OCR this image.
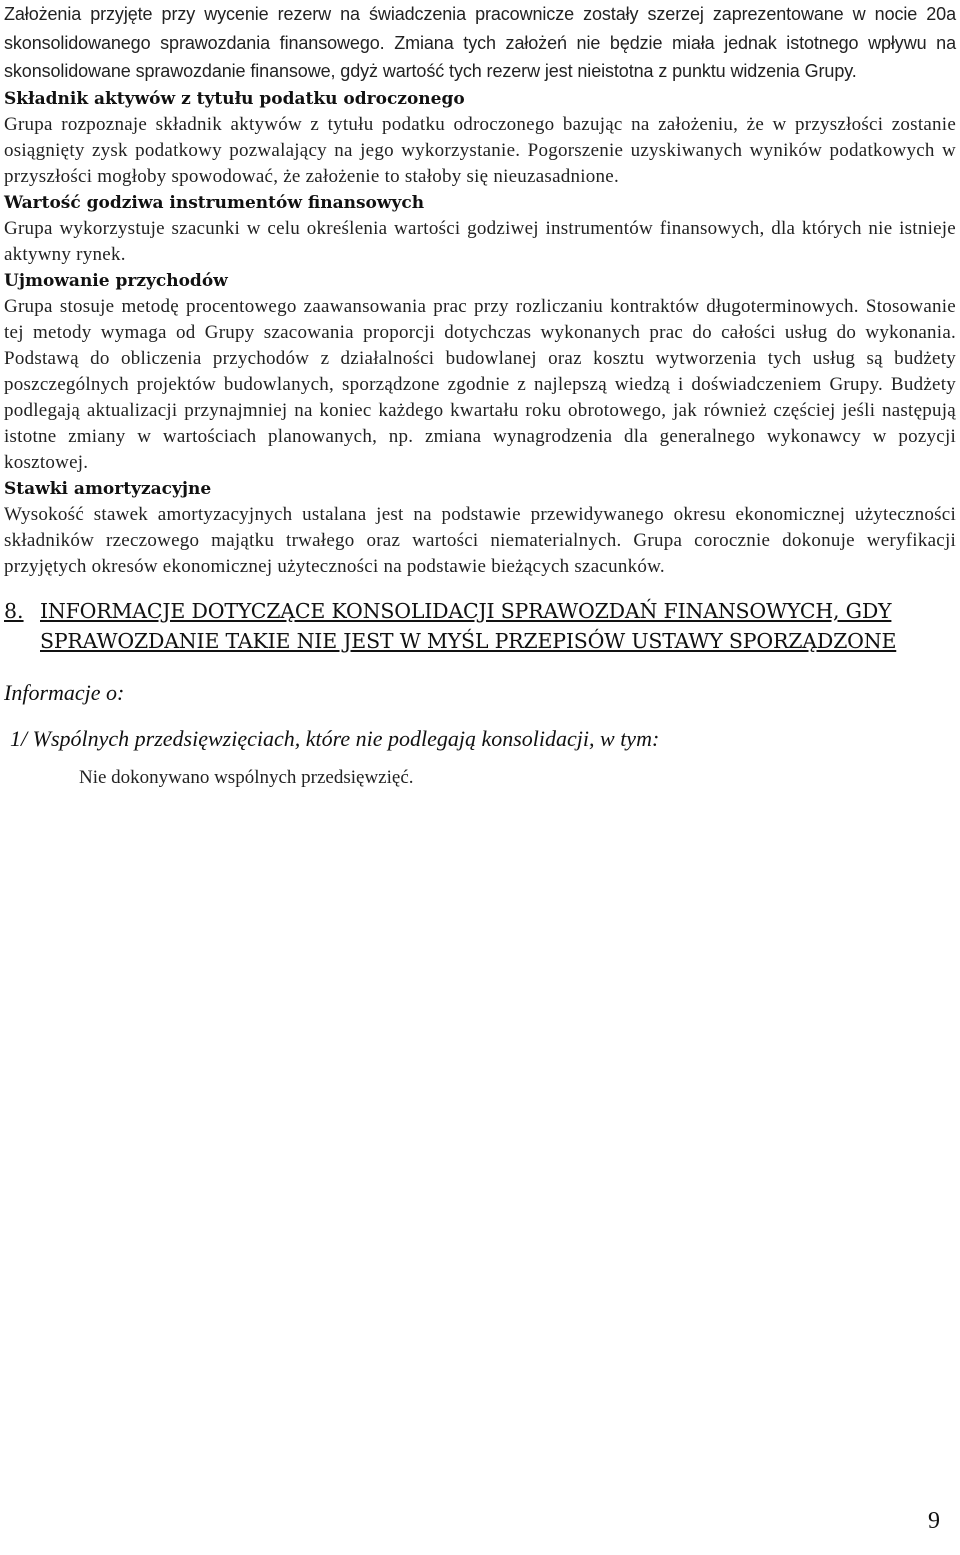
Założenia przyjęte przy wycenie rezerw na świadczenia pracownicze zostały szerzej zaprezentowane w nocie 20a skonsolidowanego sprawozdania finansowego. Zmiana tych założeń nie będzie miała jednak istotnego wpływu na skonsolidowane sprawozdanie finansowe, gdyż wartość tych rezerw jest nieistotna z punktu widzenia Grupy.

Składnik aktywów z tytułu podatku odroczonego

Grupa rozpoznaje składnik aktywów z tytułu podatku odroczonego bazując na założeniu, że w przyszłości zostanie osiągnięty zysk podatkowy pozwalający na jego wykorzystanie. Pogorszenie uzyskiwanych wyników podatkowych w przyszłości mogłoby spowodować, że założenie to stałoby się nieuzasadnione.

Wartość godziwa instrumentów finansowych

Grupa wykorzystuje szacunki w celu określenia wartości godziwej instrumentów finansowych, dla których nie istnieje aktywny rynek.

Ujmowanie przychodów

Grupa stosuje metodę procentowego zaawansowania prac przy rozliczaniu kontraktów długoterminowych. Stosowanie tej metody wymaga od Grupy szacowania proporcji dotychczas wykonanych prac do całości usług do wykonania. Podstawą do obliczenia przychodów z działalności budowlanej oraz kosztu wytworzenia tych usług są budżety poszczególnych projektów budowlanych, sporządzone zgodnie z najlepszą wiedzą i doświadczeniem Grupy. Budżety podlegają aktualizacji przynajmniej na koniec każdego kwartału roku obrotowego, jak również częściej jeśli następują istotne zmiany w wartościach planowanych, np. zmiana wynagrodzenia dla generalnego wykonawcy w pozycji kosztowej.

Stawki amortyzacyjne

Wysokość stawek amortyzacyjnych ustalana jest na podstawie przewidywanego okresu ekonomicznej użyteczności składników rzeczowego majątku trwałego oraz wartości niematerialnych. Grupa corocznie dokonuje weryfikacji przyjętych okresów ekonomicznej użyteczności na podstawie bieżących szacunków.

8. INFORMACJE DOTYCZĄCE KONSOLIDACJI SPRAWOZDAŃ FINANSOWYCH, GDY SPRAWOZDANIE TAKIE NIE JEST W MYŚL PRZEPISÓW USTAWY SPORZĄDZONE

Informacje o:

1/ Wspólnych przedsięwzięciach, które nie podlegają konsolidacji, w tym:

Nie dokonywano wspólnych przedsięwzięć.

9
